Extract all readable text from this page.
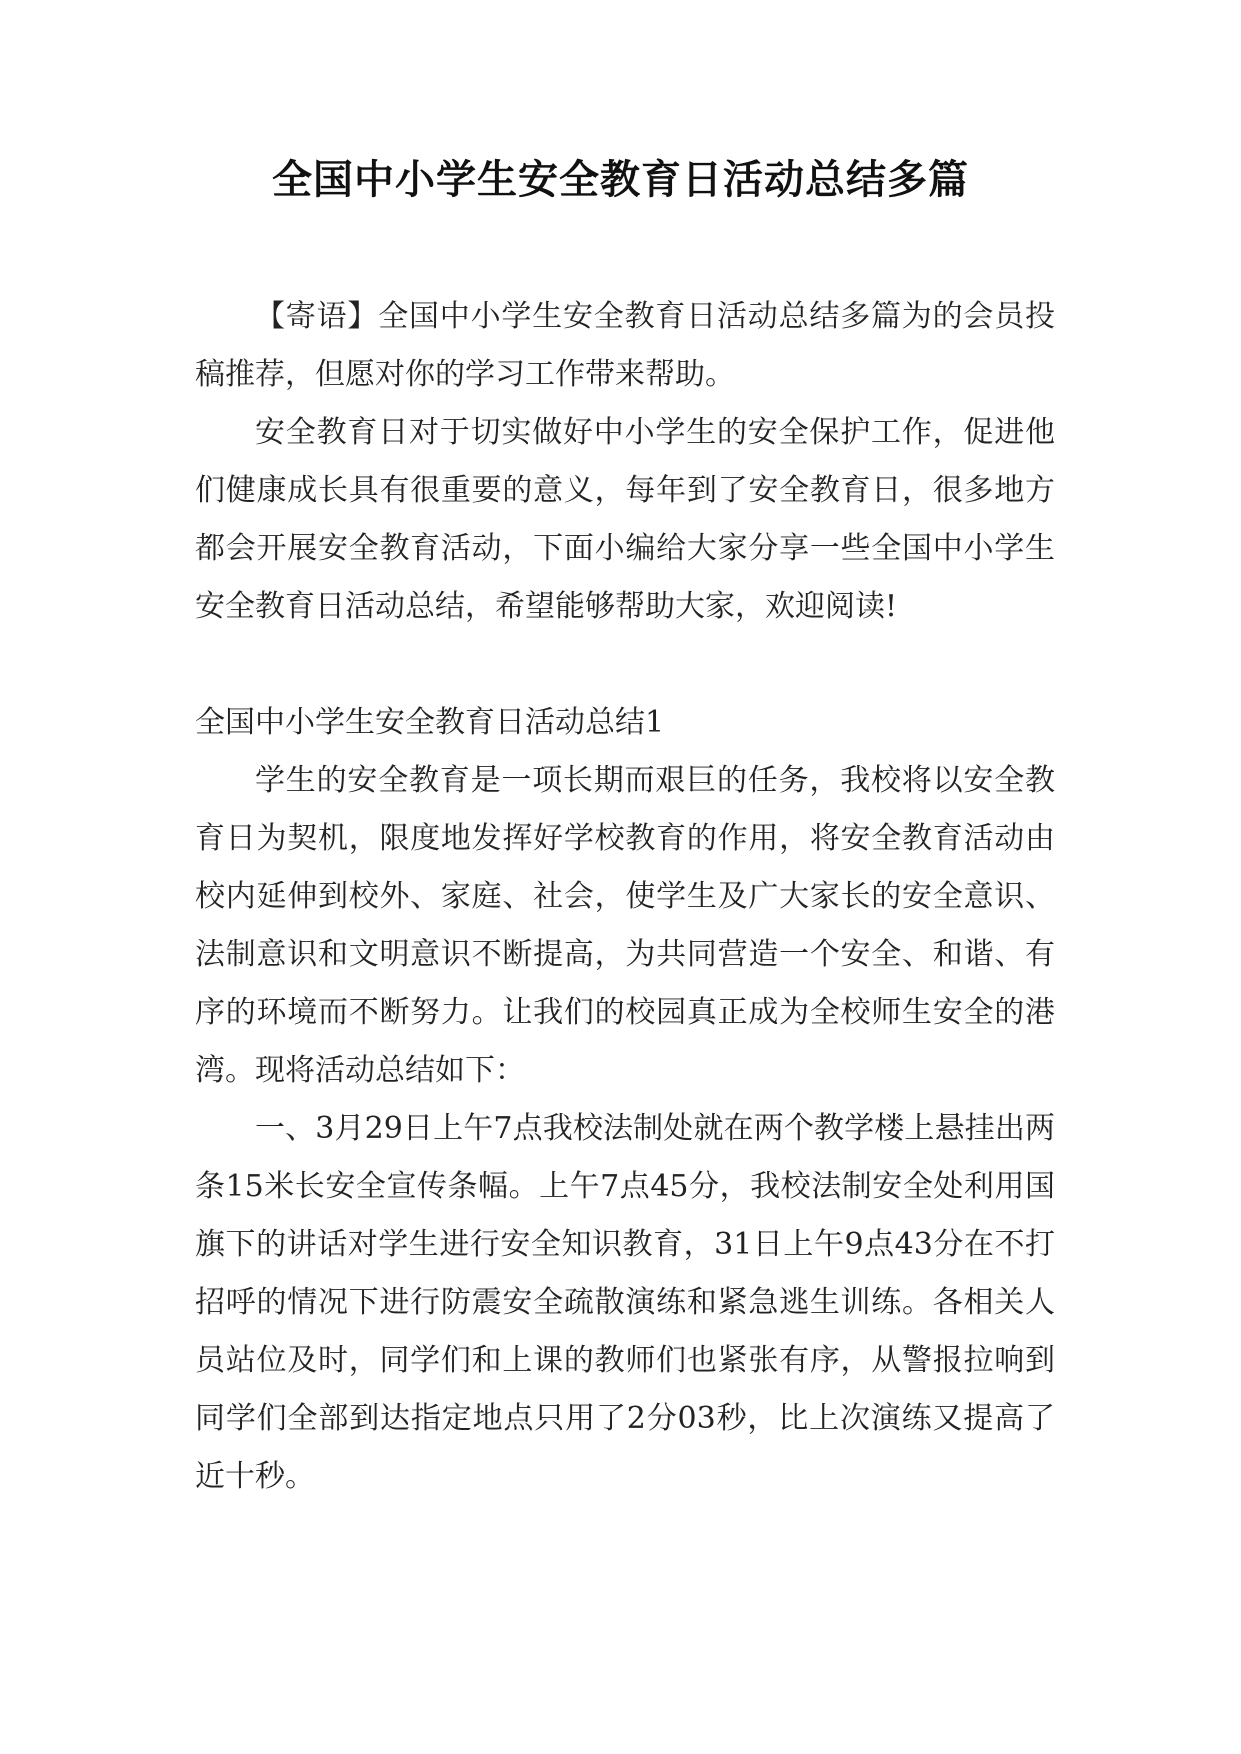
全国中小学生安全教育日活动总结多篇

【寄语】全国中小学生安全教育日活动总结多篇为的会员投稿推荐，但愿对你的学习工作带来帮助。

安全教育日对于切实做好中小学生的安全保护工作，促进他们健康成长具有很重要的意义，每年到了安全教育日，很多地方都会开展安全教育活动，下面小编给大家分享一些全国中小学生安全教育日活动总结，希望能够帮助大家，欢迎阅读!

全国中小学生安全教育日活动总结1

学生的安全教育是一项长期而艰巨的任务，我校将以安全教育日为契机，限度地发挥好学校教育的作用，将安全教育活动由校内延伸到校外、家庭、社会，使学生及广大家长的安全意识、法制意识和文明意识不断提高，为共同营造一个安全、和谐、有序的环境而不断努力。让我们的校园真正成为全校师生安全的港湾。现将活动总结如下：

一、3月29日上午7点我校法制处就在两个教学楼上悬挂出两条15米长安全宣传条幅。上午7点45分，我校法制安全处利用国旗下的讲话对学生进行安全知识教育，31日上午9点43分在不打招呼的情况下进行防震安全疏散演练和紧急逃生训练。各相关人员站位及时，同学们和上课的教师们也紧张有序，从警报拉响到同学们全部到达指定地点只用了2分03秒，比上次演练又提高了近十秒。
